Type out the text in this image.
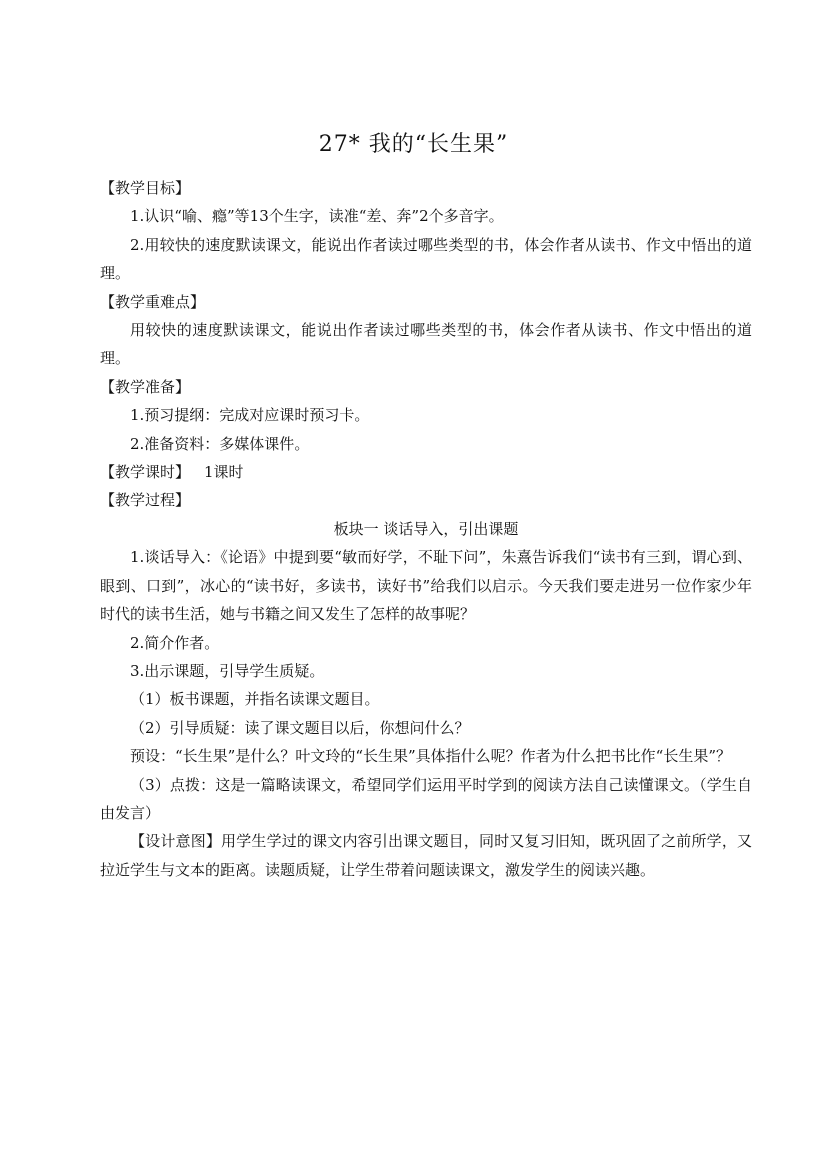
27* 我的“长生果”
【教学目标】
1.认识“喻、瘾”等13个生字，读准“差、奔”2个多音字。
2.用较快的速度默读课文，能说出作者读过哪些类型的书，体会作者从读书、作文中悟出的道理。
【教学重难点】
用较快的速度默读课文，能说出作者读过哪些类型的书，体会作者从读书、作文中悟出的道理。
【教学准备】
1.预习提纲：完成对应课时预习卡。
2.准备资料：多媒体课件。
【教学课时】 1课时
【教学过程】
板块一 谈话导入，引出课题
1.谈话导入：《论语》中提到要“敏而好学，不耻下问”，朱熹告诉我们“读书有三到，谓心到、眼到、口到”，冰心的“读书好，多读书，读好书”给我们以启示。今天我们要走进另一位作家少年时代的读书生活，她与书籍之间又发生了怎样的故事呢？
2.简介作者。
3.出示课题，引导学生质疑。
（1）板书课题，并指名读课文题目。
（2）引导质疑：读了课文题目以后，你想问什么？
预设：“长生果”是什么？叶文玲的“长生果”具体指什么呢？作者为什么把书比作“长生果”？
（3）点拨：这是一篇略读课文，希望同学们运用平时学到的阅读方法自己读懂课文。（学生自由发言）
【设计意图】用学生学过的课文内容引出课文题目，同时又复习旧知，既巩固了之前所学，又拉近学生与文本的距离。读题质疑，让学生带着问题读课文，激发学生的阅读兴趣。
